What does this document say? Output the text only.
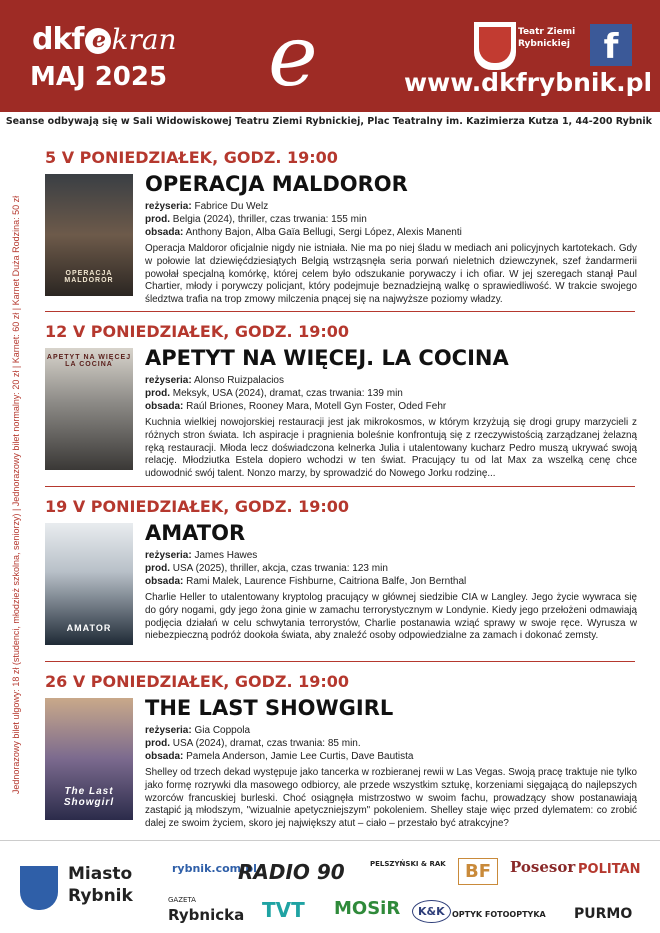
dkf e kran
MAJ 2025 e	Teatr Ziemi Rybnickiej f
www.dkfrybnik.pl
Seanse odbywają się w Sali Widowiskowej Teatru Ziemi Rybnickiej, Plac Teatralny im. Kazimierza Kutza 1, 44-200 Rybnik
Jednorazowy bilet ulgowy: 18 zł (studenci, młodzież szkolna, seniorzy) | Jednorazowy bilet normalny: 20 zł | Karnet: 60 zł | Karnet Duża Rodzina: 50 zł
5 V PONIEDZIAŁEK, GODZ. 19:00
OPERACJA MALDOROR
OPERACJA MALDOROR
reżyseria: Fabrice Du Welz
prod. Belgia (2024), thriller, czas trwania: 155 min
obsada: Anthony Bajon, Alba Gaïa Bellugi, Sergi López, Alexis Manenti
Operacja Maldoror oficjalnie nigdy nie istniała. Nie ma po niej śladu w mediach ani policyjnych kartotekach. Gdy w połowie lat dziewięćdziesiątych Belgią wstrząsnęła seria porwań nieletnich dziewczynek, szef żandarmerii powołał specjalną komórkę, której celem było odszukanie porywaczy i ich ofiar. W jej szeregach stanął Paul Chartier, młody i porywczy policjant, który podejmuje beznadziejną walkę o sprawiedliwość. W trakcie swojego śledztwa trafia na trop zmowy milczenia pnącej się na najwyższe poziomy władzy.
12 V PONIEDZIAŁEK, GODZ. 19:00
APETYT NA WIĘCEJ LA COCINA	APETYT NA WIĘCEJ. LA COCINA
reżyseria: Alonso Ruizpalacios
prod. Meksyk, USA (2024), dramat, czas trwania: 139 min
obsada: Raúl Briones, Rooney Mara, Motell Gyn Foster, Oded Fehr
Kuchnia wielkiej nowojorskiej restauracji jest jak mikrokosmos, w którym krzyżują się drogi grupy marzycieli z różnych stron świata. Ich aspiracje i pragnienia boleśnie konfrontują się z rzeczywistością zarządzanej żelazną ręką restauracji. Młoda lecz doświadczona kelnerka Julia i utalentowany kucharz Pedro muszą ukrywać swoją relację. Młodziutka Estela dopiero wchodzi w ten świat. Pracujący tu od lat Max za wszelką cenę chce udowodnić swój talent. Nonzo marzy, by sprowadzić do Nowego Jorku rodzinę...
19 V PONIEDZIAŁEK, GODZ. 19:00
AMATOR
AMATOR
reżyseria: James Hawes
prod. USA (2025), thriller, akcja, czas trwania: 123 min
obsada: Rami Malek, Laurence Fishburne, Caitriona Balfe, Jon Bernthal
Charlie Heller to utalentowany kryptolog pracujący w głównej siedzibie CIA w Langley. Jego życie wywraca się do góry nogami, gdy jego żona ginie w zamachu terrorystycznym w Londynie. Kiedy jego przełożeni odmawiają podjęcia działań w celu schwytania terrorystów, Charlie postanawia wziąć sprawy w swoje ręce. Wyrusza w niebezpieczną podróż dookoła świata, aby znaleźć osoby odpowiedzialne za zamach i dokonać zemsty.
26 V PONIEDZIAŁEK, GODZ. 19:00
The Last Showgirl
THE LAST SHOWGIRL
reżyseria: Gia Coppola
prod. USA (2024), dramat, czas trwania: 85 min.
obsada: Pamela Anderson, Jamie Lee Curtis, Dave Bautista
Shelley od trzech dekad występuje jako tancerka w rozbieranej rewii w Las Vegas. Swoją pracę traktuje nie tylko jako formę rozrywki dla masowego odbiorcy, ale przede wszystkim sztukę, korzeniami sięgającą do najlepszych wzorców francuskiej burleski. Choć osiągnęła mistrzostwo w swoim fachu, prowadzący show postanawiają zastąpić ją młodszym, "wizualnie apetyczniejszym" pokoleniem. Shelley staje więc przed dylematem: co zrobić dalej ze swoim życiem, skoro jej największy atut – ciało – przestało być atrakcyjne?
Miasto
Rybnik
rybnik.com.pl
RADIO 90	PELSZYŃSKI & RAK	BF	Posesor POLITAN
GAZETA
Rybnicka TVT MOSiR	K&K OPTYK FOTOOPTYKA PURMO
